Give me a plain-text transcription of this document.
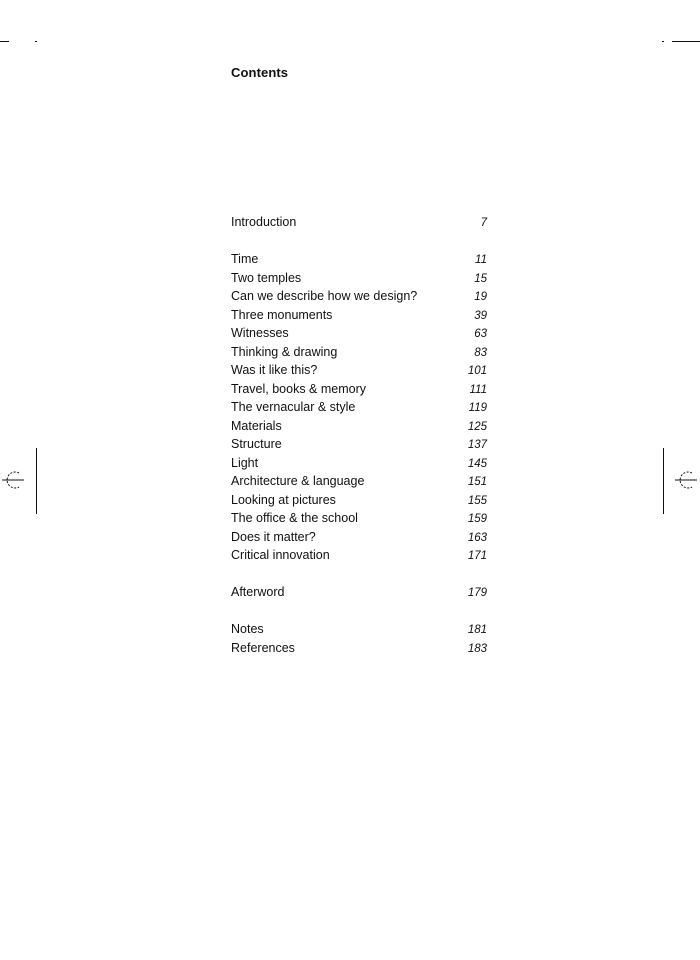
Contents
Introduction	7
Time	11
Two temples	15
Can we describe how we design?	19
Three monuments	39
Witnesses	63
Thinking & drawing	83
Was it like this?	101
Travel, books & memory	111
The vernacular & style	119
Materials	125
Structure	137
Light	145
Architecture & language	151
Looking at pictures	155
The office & the school	159
Does it matter?	163
Critical innovation	171
Afterword	179
Notes	181
References	183
